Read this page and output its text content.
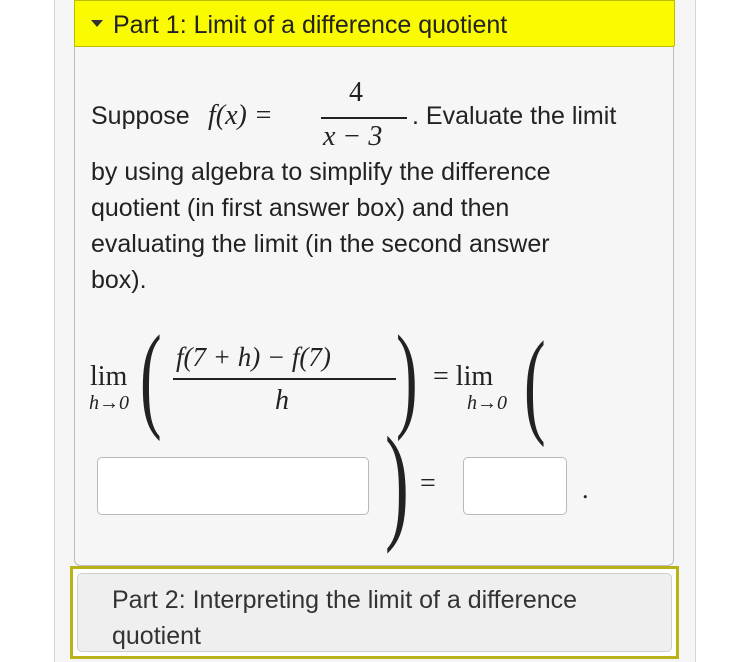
Part 1: Limit of a difference quotient
Suppose f(x) =
4
x − 3
. Evaluate the limit
by using algebra to simplify the difference
quotient (in first answer box) and then
evaluating the limit (in the second answer
box).
lim
h→0 ( f(7 + h) − f(7)
h ) = lim
h→0 (
) =	.
Part 2: Interpreting the limit of a difference quotient
